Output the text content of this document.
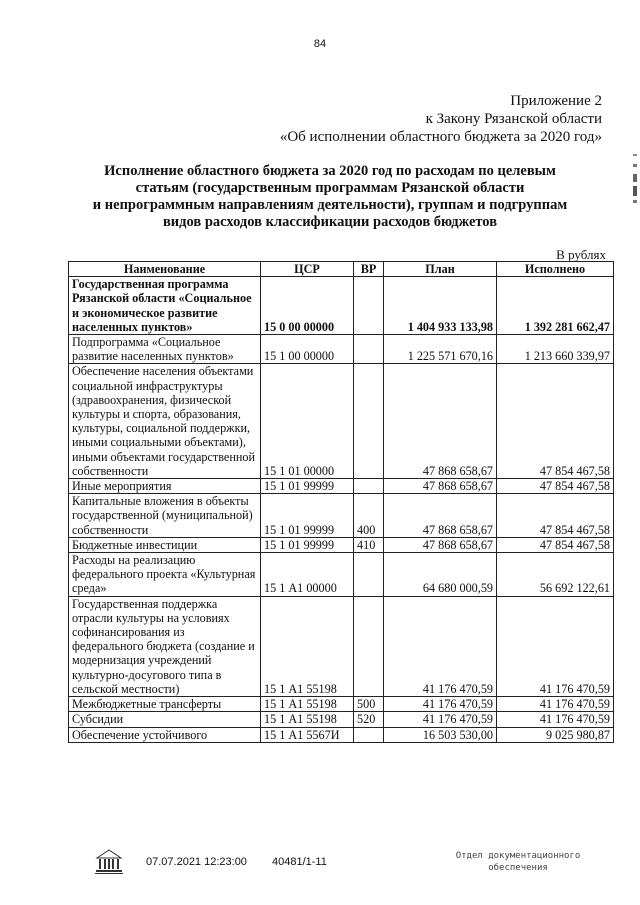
84
Приложение 2
к Закону Рязанской области
«Об исполнении областного бюджета за 2020 год»
Исполнение областного бюджета за 2020 год по расходам по целевым
статьям (государственным программам Рязанской области
и непрограммным направлениям деятельности), группам и подгруппам
видов расходов классификации расходов бюджетов
В рублях
Наименование	ЦСР	ВР	План	Исполнено
Государственная программа Рязанской области «Социальное и экономическое развитие населенных пунктов»	15 0 00 00000		1 404 933 133,98	1 392 281 662,47
Подпрограмма «Социальное развитие населенных пунктов»	15 1 00 00000		1 225 571 670,16	1 213 660 339,97
Обеспечение населения объектами социальной инфраструктуры (здравоохранения, физической культуры и спорта, образования, культуры, социальной поддержки, иными социальными объектами), иными объектами государственной собственности	15 1 01 00000		47 868 658,67	47 854 467,58
Иные мероприятия	15 1 01 99999		47 868 658,67	47 854 467,58
Капитальные вложения в объекты государственной (муниципальной) собственности	15 1 01 99999	400	47 868 658,67	47 854 467,58
Бюджетные инвестиции	15 1 01 99999	410	47 868 658,67	47 854 467,58
Расходы на реализацию федерального проекта «Культурная среда»	15 1 А1 00000		64 680 000,59	56 692 122,61
Государственная поддержка отрасли культуры на условиях софинансирования из федерального бюджета (создание и модернизация учреждений культурно-досугового типа в сельской местности)	15 1 А1 55198		41 176 470,59	41 176 470,59
Межбюджетные трансферты	15 1 А1 55198	500	41 176 470,59	41 176 470,59
Субсидии	15 1 А1 55198	520	41 176 470,59	41 176 470,59
Обеспечение устойчивого	15 1 А1 5567И		16 503 530,00	9 025 980,87
07.07.2021 12:23:00 40481/1-11	Отдел документационного
обеспечения
